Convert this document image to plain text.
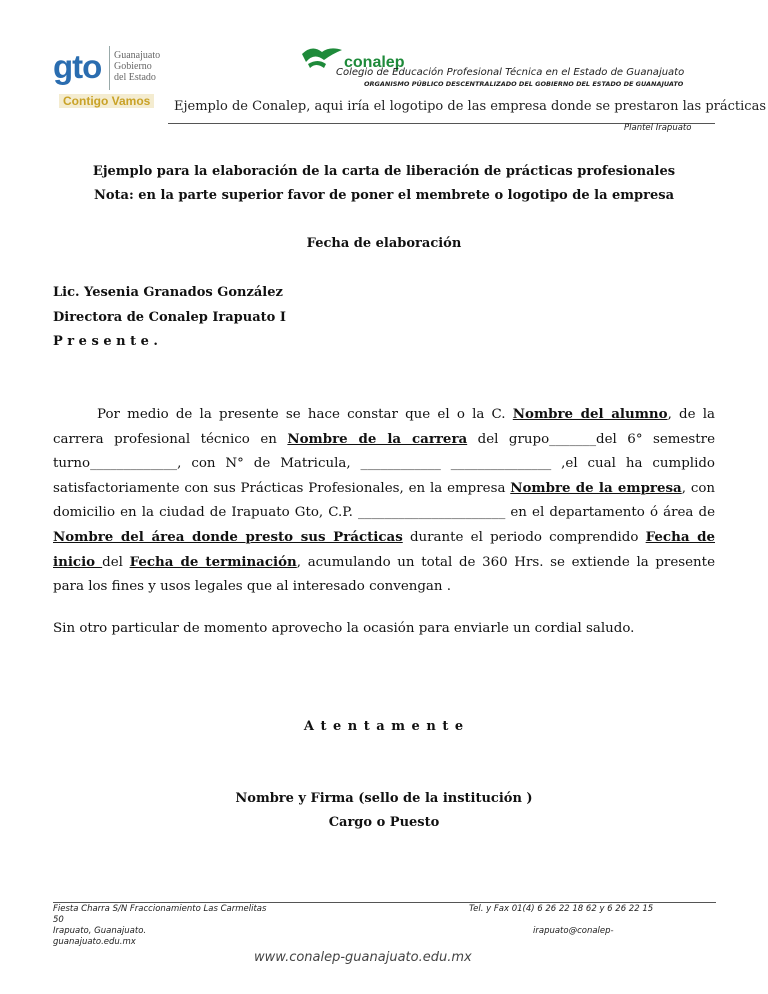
gto Guanajuato
Gobierno
del Estado
Contigo Vamos
conalep
Colegio de Educación Profesional Técnica en el Estado de Guanajuato
ORGANISMO PÚBLICO DESCENTRALIZADO DEL GOBIERNO DEL ESTADO DE GUANAJUATO
Ejemplo de Conalep, aqui iría el logotipo de las empresa donde se prestaron las prácticas
Plantel Irapuato
Ejemplo para la elaboración de la carta de liberación de prácticas profesionales
Nota: en la parte superior favor de poner el membrete o logotipo de la empresa
Fecha de elaboración
Lic. Yesenia Granados González
Directora de Conalep Irapuato I
P r e s e n t e .
Por medio de la presente se hace constar que el o la C. Nombre del alumno, de la carrera profesional técnico en Nombre de la carrera del grupo_______del 6° semestre turno_____________, con N° de Matricula, ____________ _______________ ,el cual ha cumplido satisfactoriamente con sus Prácticas Profesionales, en la empresa Nombre de la empresa, con domicilio en la ciudad de Irapuato Gto, C.P. ______________________ en el departamento ó área de Nombre del área donde presto sus Prácticas durante el periodo comprendido Fecha de inicio del Fecha de terminación, acumulando un total de 360 Hrs. se extiende la presente para los fines y usos legales que al interesado convengan .
Sin otro particular de momento aprovecho la ocasión para enviarle un cordial saludo.
A t e n t a m e n t e
Nombre y Firma (sello de la institución )
Cargo o Puesto
Fiesta Charra S/N Fraccionamiento Las Carmelitas
50
Irapuato, Guanajuato.
guanajuato.edu.mx
Tel. y Fax 01(4) 6 26 22 18 62 y 6 26 22 15
irapuato@conalep-
www.conalep-guanajuato.edu.mx
